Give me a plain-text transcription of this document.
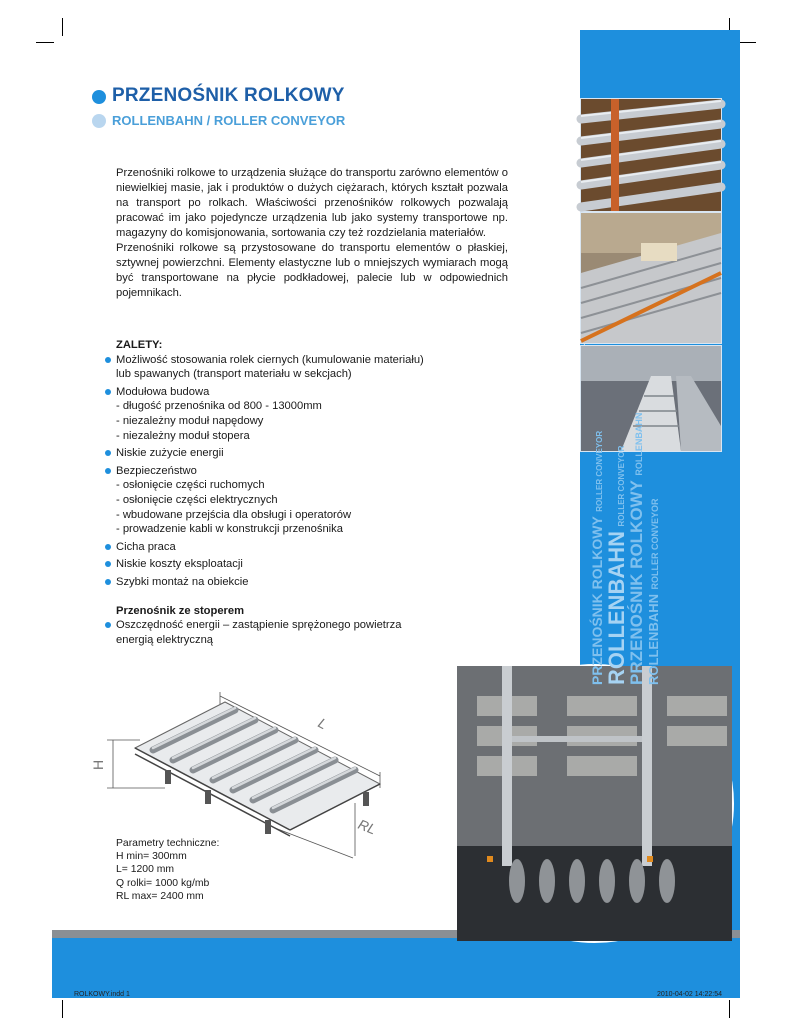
PRZENOŚNIK ROLKOWY ROLLER CONVEYOR
ROLLENBAHN ROLLER CONVEYOR PRZENOŚNIK ROLKOWY ROLLENBAHN
ROLLENBAHN ROLLER CONVEYOR
PRZENOŚNIK ROLKOWY
ROLLENBAHN / ROLLER CONVEYOR

Przenośniki rolkowe to urządzenia służące do transportu zarówno elementów o niewielkiej masie, jak i produktów o dużych ciężarach, których kształt pozwala na transport po rolkach. Właściwości przenośników rolkowych pozwalają pracować im jako pojedyncze urządzenia lub jako systemy transportowe np. magazyny do komisjonowania, sortowania czy też rozdzielania materiałów.

Przenośniki rolkowe są przystosowane do transportu elementów o płaskiej, sztywnej powierzchni. Elementy elastyczne lub o mniejszych wymiarach mogą być transportowane na płycie podkładowej, palecie lub w odpowiednich pojemnikach.

ZALETY:
Możliwość stosowania rolek ciernych (kumulowanie materiału)
lub spawanych (transport materiału w sekcjach)
Modułowa budowa
- długość przenośnika od 800 - 13000mm
- niezależny moduł napędowy
- niezależny moduł stopera
Niskie zużycie energii
Bezpieczeństwo
- osłonięcie części ruchomych
- osłonięcie części elektrycznych
- wbudowane przejścia dla obsługi i operatorów
- prowadzenie kabli w konstrukcji przenośnika
Cicha praca
Niskie koszty eksploatacji
Szybki montaż na obiekcie
Przenośnik ze stoperem
Oszczędność energii – zastąpienie sprężonego powietrza
energią elektryczną
L
H
RL
Parametry techniczne:
H min= 300mm
L= 1200 mm
Q rolki= 1000 kg/mb
RL max= 2400 mm
ROLKOWY.indd 1	2010-04-02 14:22:54
